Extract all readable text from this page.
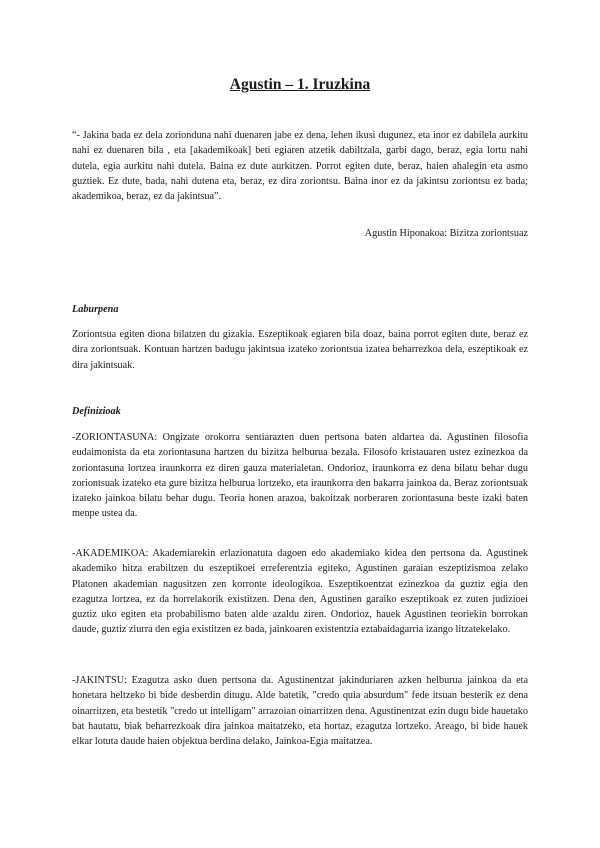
Agustin – 1. Iruzkina

“- Jakina bada ez dela zorionduna nahi duenaren jabe ez dena, lehen ikusi dugunez, eta inor ez dabilela aurkitu nahi ez duenaren bila , eta [akademikoak] beti egiaren atzetik dabiltzala, garbi dago, beraz, egia lortu nahi dutela, egia aurkitu nahi dutela. Baina ez dute aurkitzen. Porrot egiten dute, beraz, haien ahalegin eta asmo guztiek. Ez dute, bada, nahi dutena eta, beraz, ez dira zoriontsu. Baina inor ez da jakintsu zoriontsu ez bada; akademikoa, beraz, ez da jakintsua”.

Agustin Hiponakoa: Bizitza zoriontsuaz
Laburpena

Zoriontsua egiten diona bilatzen du gizakia. Eszeptikoak egiaren bila doaz, baina porrot egiten dute, beraz ez dira zoriontsuak. Kontuan hartzen badugu jakintsua izateko zoriontsua izatea beharrezkoa dela, eszeptikoak ez dira jakintsuak.

Definizioak

-ZORIONTASUNA: Ongizate orokorra sentiarazten duen pertsona baten aldartea da. Agustinen filosofia eudaimonista da eta zoriontasuna hartzen du bizitza helburua bezala. Filosofo kristauaren ustez ezinezkoa da zoriontasuna lortzea iraunkorra ez diren gauza materialetan. Ondorioz, iraunkorra ez dena bilatu behar dugu zoriontsuak izateko eta gure bizitza helburua lortzeko, eta iraunkorra den bakarra jainkoa da. Beraz zoriontsuak izateko jainkoa bilatu behar dugu. Teoria honen arazoa, bakoitzak norberaren zoriontasuna beste izaki baten menpe ustea da.

-AKADEMIKOA: Akademiarekin erlazionatuta dagoen edo akademiako kidea den pertsona da. Agustinek akademiko hitza erabiltzen du eszeptikoei erreferentzia egiteko, Agustinen garaian eszeptizismoa zelako Platonen akademian nagusitzen zen korronte ideologikoa. Eszeptikoentzat ezinezkoa da guztiz egia den ezagutza lortzea, ez da horrelakorik existitzen. Dena den, Agustinen garaiko eszeptikoak ez zuten judizioei guztiz uko egiten eta probabilismo baten alde azaldu ziren. Ondorioz, hauek Agustinen teoriekin borrokan daude, guztiz ziurra den egia existitzen ez bada, jainkoaren existentzia eztabaidagarria izango litzatekelako.

-JAKINTSU: Ezagutza asko duen pertsona da. Agustinentzat jakinduriaren azken helburua jainkoa da eta honetara heltzeko bi bide desberdin ditugu. Alde batetik, "credo quia absurdum" fede itsuan besterik ez dena oinarritzen, eta bestetik "credo ut intelligam" arrazoian oinarritzen dena. Agustinentzat ezin dugu bide hauetako bat hautatu, biak beharrezkoak dira jainkoa maitatzeko, eta hortaz, ezagutza lortzeko. Areago, bi bide hauek elkar lotuta daude haien objektua berdina delako, Jainkoa-Egia maitatzea.
